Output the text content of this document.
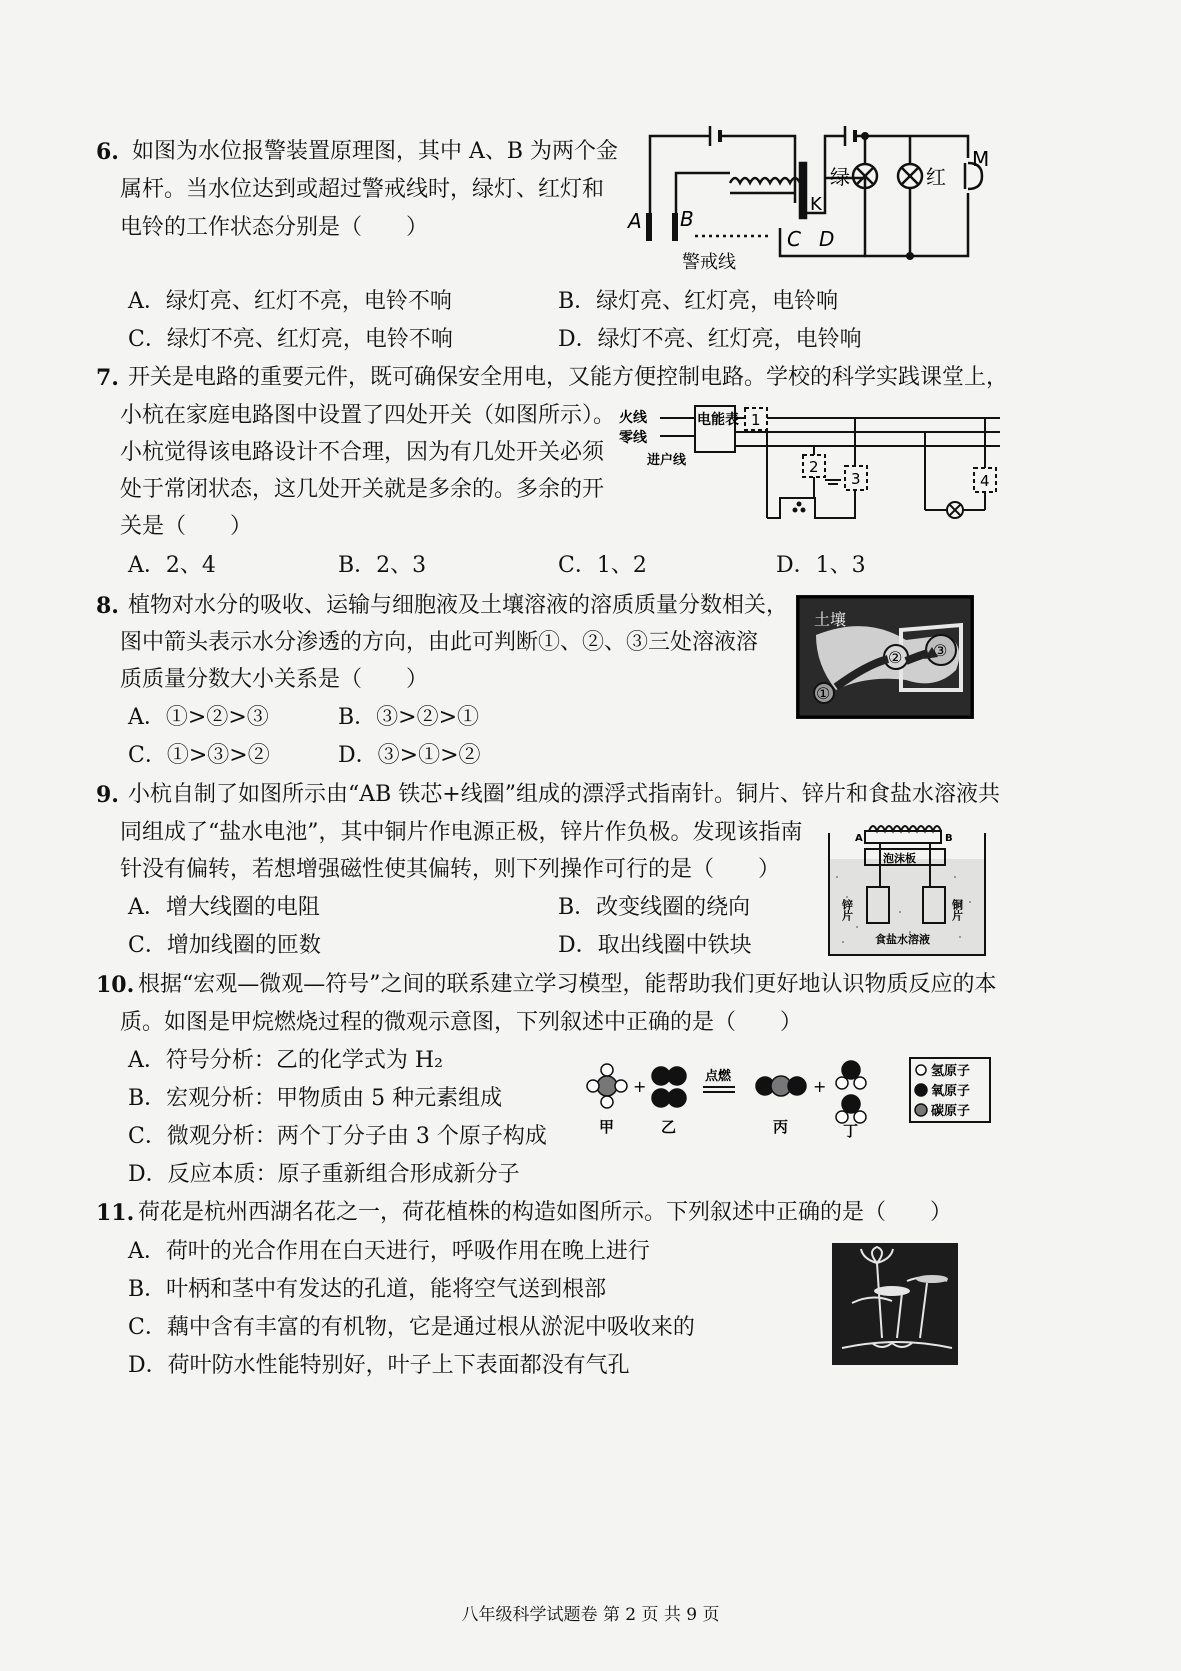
6. 如图为水位报警装置原理图，其中 A、B 为两个金
属杆。当水位达到或超过警戒线时，绿灯、红灯和
电铃的工作状态分别是（　　）
A．绿灯亮、红灯不亮，电铃不响	B．绿灯亮、红灯亮，电铃响
C．绿灯不亮、红灯亮，电铃不响	D．绿灯不亮、红灯亮，电铃响
A B
C D
K
M
绿	红
警戒线
7. 开关是电路的重要元件，既可确保安全用电，又能方便控制电路。学校的科学实践课堂上，
小杭在家庭电路图中设置了四处开关（如图所示）。
小杭觉得该电路设计不合理，因为有几处开关必须
处于常闭状态，这几处开关就是多余的。多余的开
关是（　　）
A．2、4	B．2、3	C．1、2	D．1、3
火线
零线
进户线
电能表 1
2
3	4
8. 植物对水分的吸收、运输与细胞液及土壤溶液的溶质质量分数相关，
图中箭头表示水分渗透的方向，由此可判断①、②、③三处溶液溶
质质量分数大小关系是（　　）
A．①>②>③	B．③>②>①
C．①>③>②	D．③>①>②
土壤
①
② ③
9. 小杭自制了如图所示由“AB 铁芯+线圈”组成的漂浮式指南针。铜片、锌片和食盐水溶液共
同组成了“盐水电池”，其中铜片作电源正极，锌片作负极。发现该指南
针没有偏转，若想增强磁性使其偏转，则下列操作可行的是（　　）
A．增大线圈的电阻	B．改变线圈的绕向
C．增加线圈的匝数	D．取出线圈中铁块
A	B
泡沫板
锌片	铜片
食盐水溶液
10. 根据“宏观—微观—符号”之间的联系建立学习模型，能帮助我们更好地认识物质反应的本
质。如图是甲烷燃烧过程的微观示意图，下列叙述中正确的是（　　）
A．符号分析：乙的化学式为 H₂
B．宏观分析：甲物质由 5 种元素组成
C．微观分析：两个丁分子由 3 个原子构成
D．反应本质：原子重新组合形成新分子
+	+
点燃
甲	乙	丙	丁
氢原子
氧原子
碳原子
11. 荷花是杭州西湖名花之一，荷花植株的构造如图所示。下列叙述中正确的是（　　）
A．荷叶的光合作用在白天进行，呼吸作用在晚上进行
B．叶柄和茎中有发达的孔道，能将空气送到根部
C．藕中含有丰富的有机物，它是通过根从淤泥中吸收来的
D．荷叶防水性能特别好，叶子上下表面都没有气孔
八年级科学试题卷 第 2 页 共 9 页
